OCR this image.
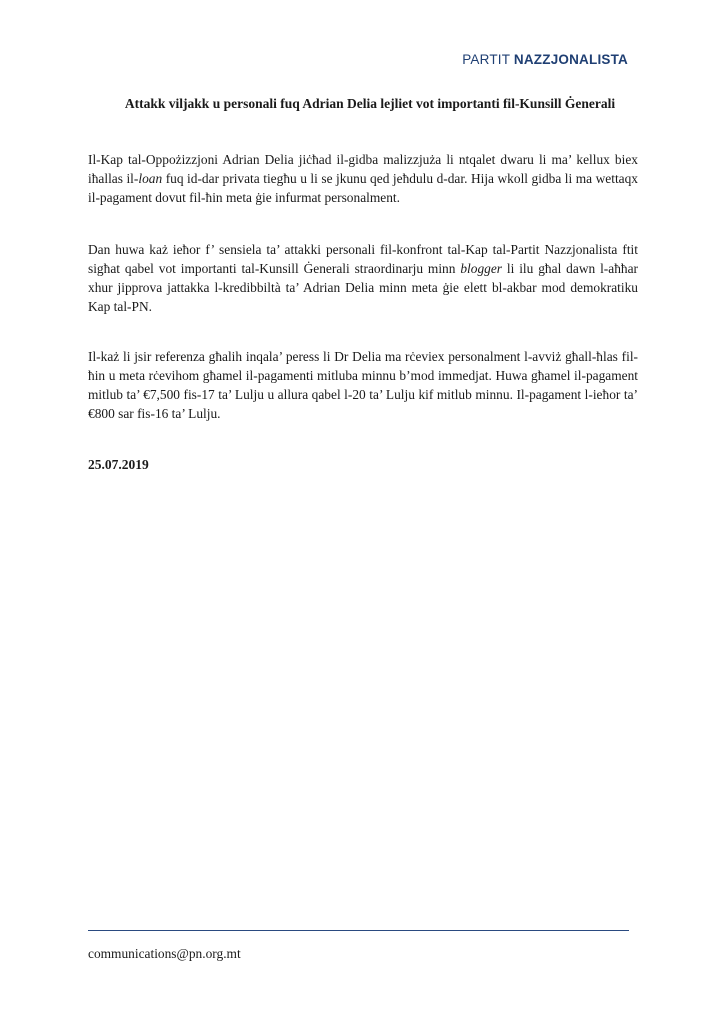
PARTIT NAZZJONALISTA
Attakk viljakk u personali fuq Adrian Delia lejliet vot importanti fil-Kunsill Ġenerali

Il-Kap tal-Oppożizzjoni Adrian Delia jiċħad il-gidba malizzjuża li ntqalet dwaru li ma’ kellux biex iħallas il-loan fuq id-dar privata tiegħu u li se jkunu qed jeħdulu d-dar. Hija wkoll gidba li ma wettaqx il-pagament dovut fil-ħin meta ġie infurmat personalment.

Dan huwa każ ieħor f’ sensiela ta’ attakki personali fil-konfront tal-Kap tal-Partit Nazzjonalista ftit sigħat qabel vot importanti tal-Kunsill Ġenerali straordinarju minn blogger li ilu għal dawn l-aħħar xhur jipprova jattakka l-kredibbiltà ta’ Adrian Delia minn meta ġie elett bl-akbar mod demokratiku Kap tal-PN.

Il-każ li jsir referenza għalih inqala’ peress li Dr Delia ma rċeviex personalment l-avviż għall-ħlas fil-ħin u meta rċevihom għamel il-pagamenti mitluba minnu b’mod immedjat. Huwa għamel il-pagament mitlub ta’ €7,500 fis-17 ta’ Lulju u allura qabel l-20 ta’ Lulju kif mitlub minnu. Il-pagament l-ieħor ta’ €800 sar fis-16 ta’ Lulju.

25.07.2019
communications@pn.org.mt
